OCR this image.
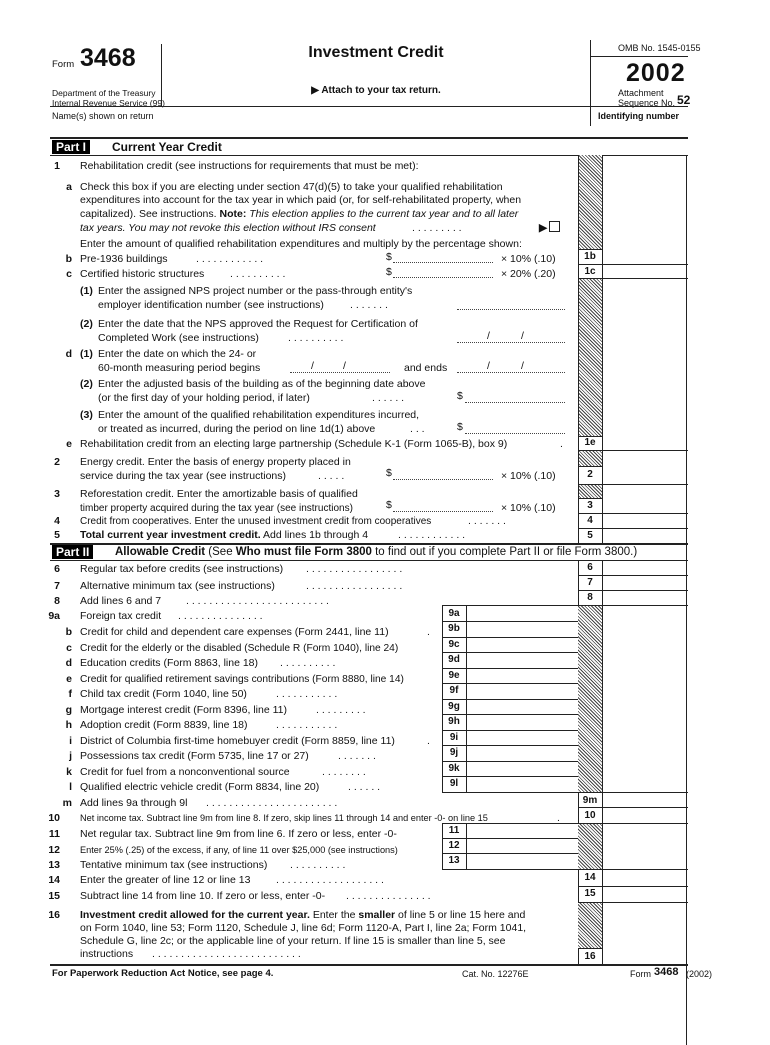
Form 3468
Department of the Treasury
Internal Revenue Service (99)
Investment Credit
▶ Attach to your tax return.
OMB No. 1545-0155
2002
Attachment
Sequence No. 52
Name(s) shown on return	Identifying number
Part I	Current Year Credit
1 Rehabilitation credit (see instructions for requirements that must be met):
a Check this box if you are electing under section 47(d)(5) to take your qualified rehabilitation
expenditures into account for the tax year in which paid (or, for self-rehabilitated property, when
capitalized). See instructions. Note: This election applies to the current tax year and to all later
tax years. You may not revoke this election without IRS consent	. . . . . . . . .	▶
Enter the amount of qualified rehabilitation expenditures and multiply by the percentage shown:
b Pre-1936 buildings	. . . . . . . . . . . .	$	× 10% (.10)	1b
c Certified historic structures . . . . . . . . . .	$	× 20% (.20)	1c
(1) Enter the assigned NPS project number or the pass-through entity's
employer identification number (see instructions) . . . . . . .
(2) Enter the date that the NPS approved the Request for Certification of
Completed Work (see instructions)	. . . . . . . . . .	/	/
d (1) Enter the date on which the 24- or
60-month measuring period begins	/	/	and ends	/	/
(2) Enter the adjusted basis of the building as of the beginning date above
(or the first day of your holding period, if later)	. . . . . .	$
(3) Enter the amount of the qualified rehabilitation expenditures incurred,
or treated as incurred, during the period on line 1d(1) above	. . .	$
e Rehabilitation credit from an electing large partnership (Schedule K-1 (Form 1065-B), box 9)	.	1e
2 Energy credit. Enter the basis of energy property placed in
service during the tax year (see instructions)	. . . . .	$	× 10% (.10)	2
3 Reforestation credit. Enter the amortizable basis of qualified
timber property acquired during the tax year (see instructions)	$	× 10% (.10)	3
4 Credit from cooperatives. Enter the unused investment credit from cooperatives	. . . . . . .	4
5 Total current year investment credit. Add lines 1b through 4	. . . . . . . . . . . .	5
Part II	Allowable Credit (See Who must file Form 3800 to find out if you complete Part II or file Form 3800.)
6 Regular tax before credits (see instructions) . . . . . . . . . . . . . . . . .	6
7 Alternative minimum tax (see instructions)	. . . . . . . . . . . . . . . . .	7
8 Add lines 6 and 7 . . . . . . . . . . . . . . . . . . . . . . . . .	8
9a Foreign tax credit . . . . . . . . . . . . . . .	9a
b Credit for child and dependent care expenses (Form 2441, line 11)	.	9b
c Credit for the elderly or the disabled (Schedule R (Form 1040), line 24)	9c
d Education credits (Form 8863, line 18) . . . . . . . . . .	9d
e Credit for qualified retirement savings contributions (Form 8880, line 14)	9e
f Child tax credit (Form 1040, line 50)	. . . . . . . . . . .	9f
g Mortgage interest credit (Form 8396, line 11)	. . . . . . . . .	9g
h Adoption credit (Form 8839, line 18)	. . . . . . . . . . .	9h
i District of Columbia first-time homebuyer credit (Form 8859, line 11)	.	9i
j Possessions tax credit (Form 5735, line 17 or 27)	. . . . . . .	9j
k Credit for fuel from a nonconventional source	. . . . . . . .	9k
l Qualified electric vehicle credit (Form 8834, line 20)	. . . . . .	9l
m Add lines 9a through 9l . . . . . . . . . . . . . . . . . . . . . . .	9m
10 Net income tax. Subtract line 9m from line 8. If zero, skip lines 11 through 14 and enter -0- on line 15	.	10
11 Net regular tax. Subtract line 9m from line 6. If zero or less, enter -0-	11
12 Enter 25% (.25) of the excess, if any, of line 11 over $25,000 (see instructions)	12
13 Tentative minimum tax (see instructions) . . . . . . . . . .	13
14 Enter the greater of line 12 or line 13 . . . . . . . . . . . . . . . . . . .	14
15 Subtract line 14 from line 10. If zero or less, enter -0- . . . . . . . . . . . . . . .	15
16 Investment credit allowed for the current year. Enter the smaller of line 5 or line 15 here and
on Form 1040, line 53; Form 1120, Schedule J, line 6d; Form 1120-A, Part I, line 2a; Form 1041,
Schedule G, line 2c; or the applicable line of your return. If line 15 is smaller than line 5, see
instructions . . . . . . . . . . . . . . . . . . . . . . . . . .	16
For Paperwork Reduction Act Notice, see page 4.	Cat. No. 12276E	Form 3468 (2002)
